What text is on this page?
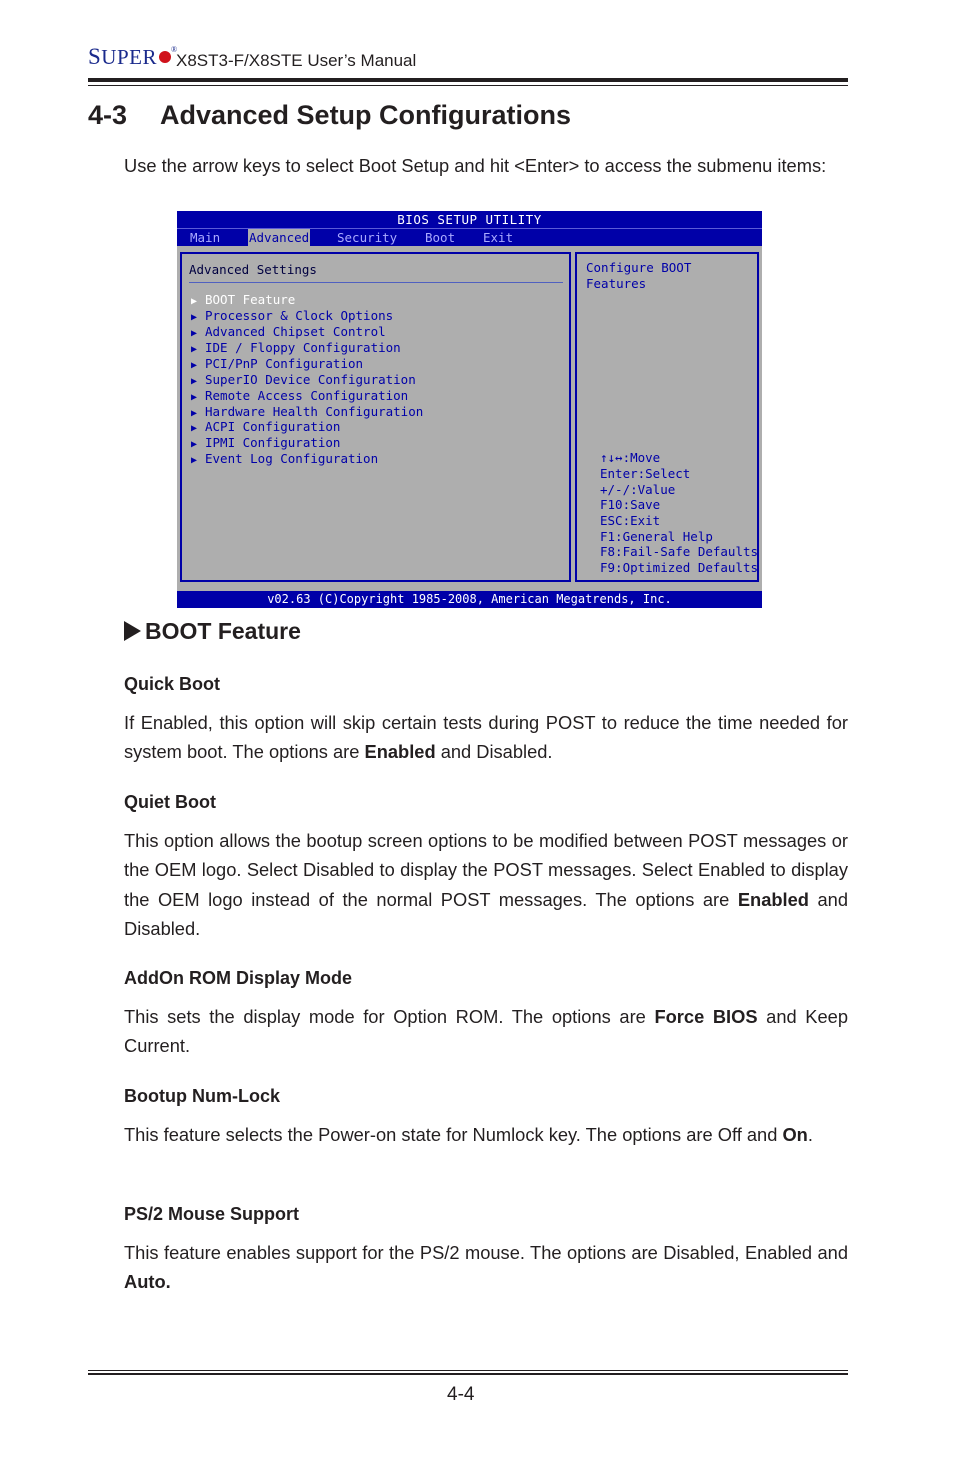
SUPER ®
X8ST3-F/X8STE User’s Manual
4-3 Advanced Setup Configurations

Use the arrow keys to select Boot Setup and hit <Enter> to access the submenu items:

BIOS SETUP UTILITY
Main Advanced Security Boot Exit
Advanced Settings
▶ BOOT Feature
▶ Processor & Clock Options
▶ Advanced Chipset Control
▶ IDE / Floppy Configuration
▶ PCI/PnP Configuration
▶ SuperIO Device Configuration
▶ Remote Access Configuration
▶ Hardware Health Configuration
▶ ACPI Configuration
▶ IPMI Configuration
▶ Event Log Configuration
Configure BOOT Features
↑↓↔:Move
Enter:Select
+/-/:Value
F10:Save
ESC:Exit
F1:General Help
F8:Fail-Safe Defaults
F9:Optimized Defaults
v02.63 (C)Copyright 1985-2008, American Megatrends, Inc.
BOOT Feature
Quick Boot

If Enabled, this option will skip certain tests during POST to reduce the time needed for system boot. The options are Enabled and Disabled.

Quiet Boot

This option allows the bootup screen options to be modified between POST messages or the OEM logo. Select Disabled to display the POST messages. Select Enabled to display the OEM logo instead of the normal POST messages. The options are Enabled and Disabled.

AddOn ROM Display Mode

This sets the display mode for Option ROM. The options are Force BIOS and Keep Current.

Bootup Num-Lock

This feature selects the Power-on state for Numlock key. The options are Off and On.

PS/2 Mouse Support

This feature enables support for the PS/2 mouse. The options are Disabled, Enabled and Auto.

4-4
